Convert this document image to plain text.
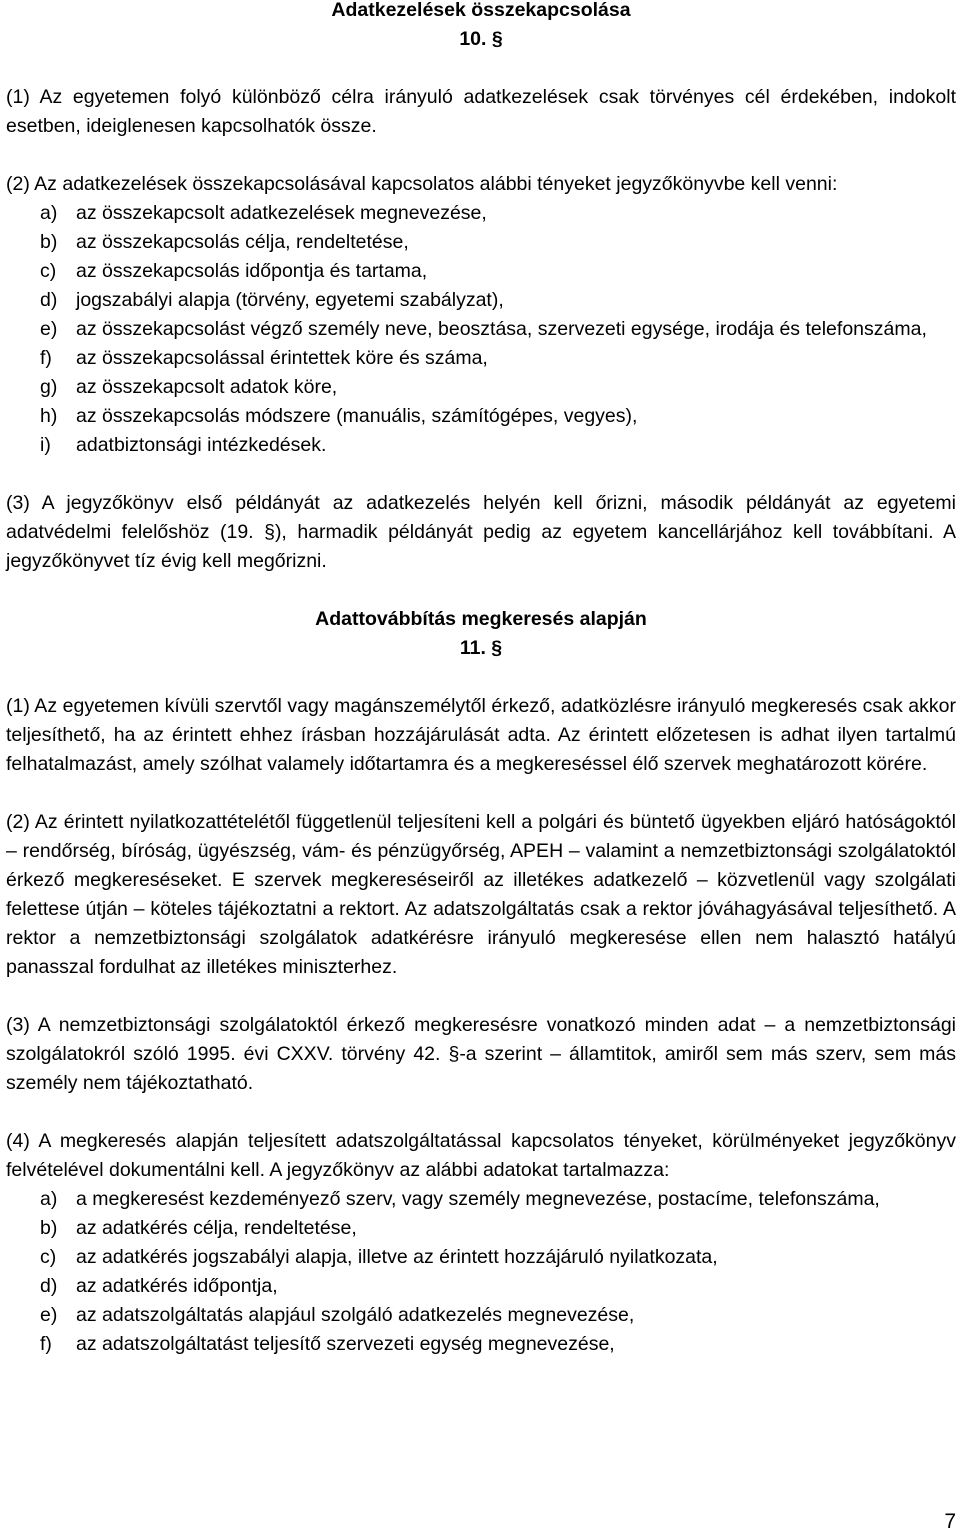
Adatkezelések összekapcsolása
10. §

(1) Az egyetemen folyó különböző célra irányuló adatkezelések csak törvényes cél érdekében, indokolt esetben, ideiglenesen kapcsolhatók össze.

(2) Az adatkezelések összekapcsolásával kapcsolatos alábbi tényeket jegyzőkönyvbe kell venni:

a) az összekapcsolt adatkezelések megnevezése,
b) az összekapcsolás célja, rendeltetése,
c) az összekapcsolás időpontja és tartama,
d) jogszabályi alapja (törvény, egyetemi szabályzat),
e) az összekapcsolást végző személy neve, beosztása, szervezeti egysége, irodája és telefonszáma,
f) az összekapcsolással érintettek köre és száma,
g) az összekapcsolt adatok köre,
h) az összekapcsolás módszere (manuális, számítógépes, vegyes),
i) adatbiztonsági intézkedések.

(3) A jegyzőkönyv első példányát az adatkezelés helyén kell őrizni, második példányát az egyetemi adatvédelmi felelőshöz (19. §), harmadik példányát pedig az egyetem kancellárjához kell továbbítani. A jegyzőkönyvet tíz évig kell megőrizni.

Adattovábbítás megkeresés alapján
11. §

(1) Az egyetemen kívüli szervtől vagy magánszemélytől érkező, adatközlésre irányuló megkeresés csak akkor teljesíthető, ha az érintett ehhez írásban hozzájárulását adta. Az érintett előzetesen is adhat ilyen tartalmú felhatalmazást, amely szólhat valamely időtartamra és a megkereséssel élő szervek meghatározott körére.

(2) Az érintett nyilatkozattételétől függetlenül teljesíteni kell a polgári és büntető ügyekben eljáró hatóságoktól – rendőrség, bíróság, ügyészség, vám- és pénzügyőrség, APEH – valamint a nemzetbiztonsági szolgálatoktól érkező megkereséseket. E szervek megkereséseiről az illetékes adatkezelő – közvetlenül vagy szolgálati felettese útján – köteles tájékoztatni a rektort. Az adatszolgáltatás csak a rektor jóváhagyásával teljesíthető. A rektor a nemzetbiztonsági szolgálatok adatkérésre irányuló megkeresése ellen nem halasztó hatályú panasszal fordulhat az illetékes miniszterhez.

(3) A nemzetbiztonsági szolgálatoktól érkező megkeresésre vonatkozó minden adat – a nemzetbiztonsági szolgálatokról szóló 1995. évi CXXV. törvény 42. §-a szerint – államtitok, amiről sem más szerv, sem más személy nem tájékoztatható.

(4) A megkeresés alapján teljesített adatszolgáltatással kapcsolatos tényeket, körülményeket jegyzőkönyv felvételével dokumentálni kell. A jegyzőkönyv az alábbi adatokat tartalmazza:

a) a megkeresést kezdeményező szerv, vagy személy megnevezése, postacíme, telefonszáma,
b) az adatkérés célja, rendeltetése,
c) az adatkérés jogszabályi alapja, illetve az érintett hozzájáruló nyilatkozata,
d) az adatkérés időpontja,
e) az adatszolgáltatás alapjául szolgáló adatkezelés megnevezése,
f) az adatszolgáltatást teljesítő szervezeti egység megnevezése,
7
